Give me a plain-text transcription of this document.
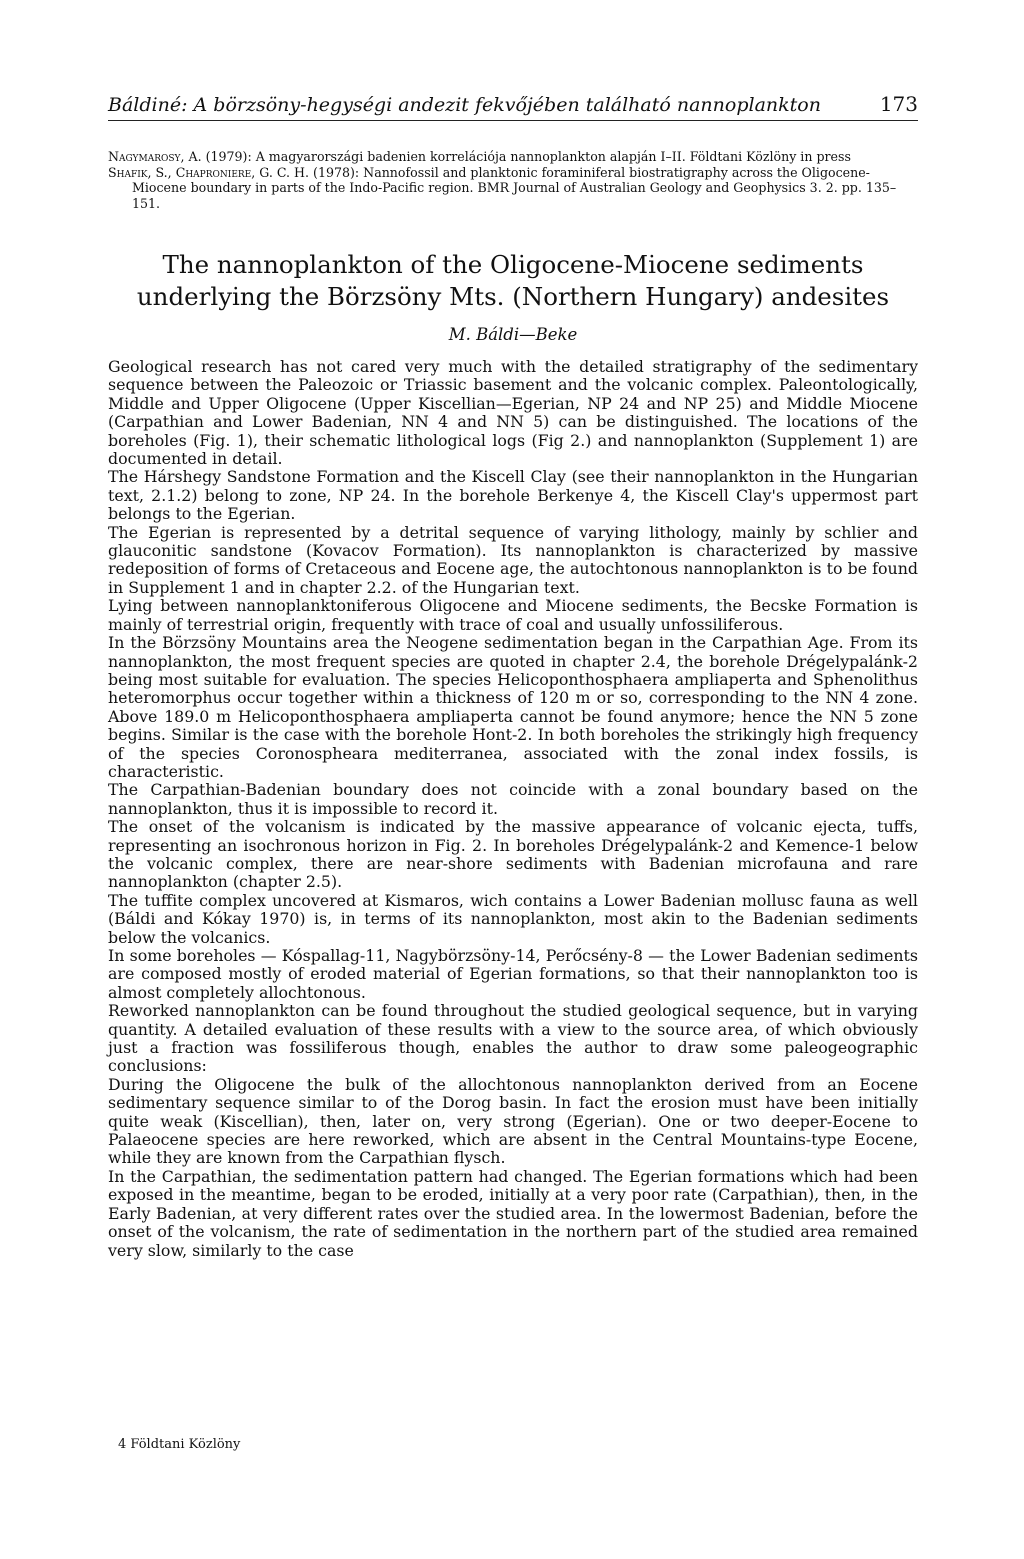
Báldiné: A börzsöny-hegységi andezit fekvőjében található nannoplankton	173

Nagymarosy, A. (1979): A magyarországi badenien korrelációja nannoplankton alapján I–II. Földtani Közlöny in press

Shafik, S., Chaproniere, G. C. H. (1978): Nannofossil and planktonic foraminiferal biostratigraphy across the Oligocene-Miocene boundary in parts of the Indo-Pacific region. BMR Journal of Australian Geology and Geophysics 3. 2. pp. 135–151.

The nannoplankton of the Oligocene-Miocene sediments
underlying the Börzsöny Mts. (Northern Hungary) andesites
M. Báldi—Beke

Geological research has not cared very much with the detailed stratigraphy of the sedimentary sequence between the Paleozoic or Triassic basement and the volcanic complex. Paleontologically, Middle and Upper Oligocene (Upper Kiscellian—Egerian, NP 24 and NP 25) and Middle Miocene (Carpathian and Lower Badenian, NN 4 and NN 5) can be distinguished. The locations of the boreholes (Fig. 1), their schematic lithological logs (Fig 2.) and nannoplankton (Supplement 1) are documented in detail.

The Hárshegy Sandstone Formation and the Kiscell Clay (see their nannoplankton in the Hungarian text, 2.1.2) belong to zone, NP 24. In the borehole Berkenye 4, the Kiscell Clay's uppermost part belongs to the Egerian.

The Egerian is represented by a detrital sequence of varying lithology, mainly by schlier and glauconitic sandstone (Kovacov Formation). Its nannoplankton is characterized by massive redeposition of forms of Cretaceous and Eocene age, the autochtonous nannoplankton is to be found in Supplement 1 and in chapter 2.2. of the Hungarian text.

Lying between nannoplanktoniferous Oligocene and Miocene sediments, the Becske Formation is mainly of terrestrial origin, frequently with trace of coal and usually unfossiliferous.

In the Börzsöny Mountains area the Neogene sedimentation began in the Carpathian Age. From its nannoplankton, the most frequent species are quoted in chapter 2.4, the borehole Drégelypalánk-2 being most suitable for evaluation. The species Helicoponthosphaera ampliaperta and Sphenolithus heteromorphus occur together within a thickness of 120 m or so, corresponding to the NN 4 zone. Above 189.0 m Helicoponthosphaera ampliaperta cannot be found anymore; hence the NN 5 zone begins. Similar is the case with the borehole Hont-2. In both boreholes the strikingly high frequency of the species Coronospheara mediterranea, associated with the zonal index fossils, is characteristic.

The Carpathian-Badenian boundary does not coincide with a zonal boundary based on the nannoplankton, thus it is impossible to record it.

The onset of the volcanism is indicated by the massive appearance of volcanic ejecta, tuffs, representing an isochronous horizon in Fig. 2. In boreholes Drégelypalánk-2 and Kemence-1 below the volcanic complex, there are near-shore sediments with Badenian microfauna and rare nannoplankton (chapter 2.5).

The tuffite complex uncovered at Kismaros, wich contains a Lower Badenian mollusc fauna as well (Báldi and Kókay 1970) is, in terms of its nannoplankton, most akin to the Badenian sediments below the volcanics.

In some boreholes — Kóspallag-11, Nagybörzsöny-14, Perőcsény-8 — the Lower Badenian sediments are composed mostly of eroded material of Egerian formations, so that their nannoplankton too is almost completely allochtonous.

Reworked nannoplankton can be found throughout the studied geological sequence, but in varying quantity. A detailed evaluation of these results with a view to the source area, of which obviously just a fraction was fossiliferous though, enables the author to draw some paleogeographic conclusions:

During the Oligocene the bulk of the allochtonous nannoplankton derived from an Eocene sedimentary sequence similar to of the Dorog basin. In fact the erosion must have been initially quite weak (Kiscellian), then, later on, very strong (Egerian). One or two deeper-Eocene to Palaeocene species are here reworked, which are absent in the Central Mountains-type Eocene, while they are known from the Carpathian flysch.

In the Carpathian, the sedimentation pattern had changed. The Egerian formations which had been exposed in the meantime, began to be eroded, initially at a very poor rate (Carpathian), then, in the Early Badenian, at very different rates over the studied area. In the lowermost Badenian, before the onset of the volcanism, the rate of sedimentation in the northern part of the studied area remained very slow, similarly to the case

4 Földtani Közlöny
